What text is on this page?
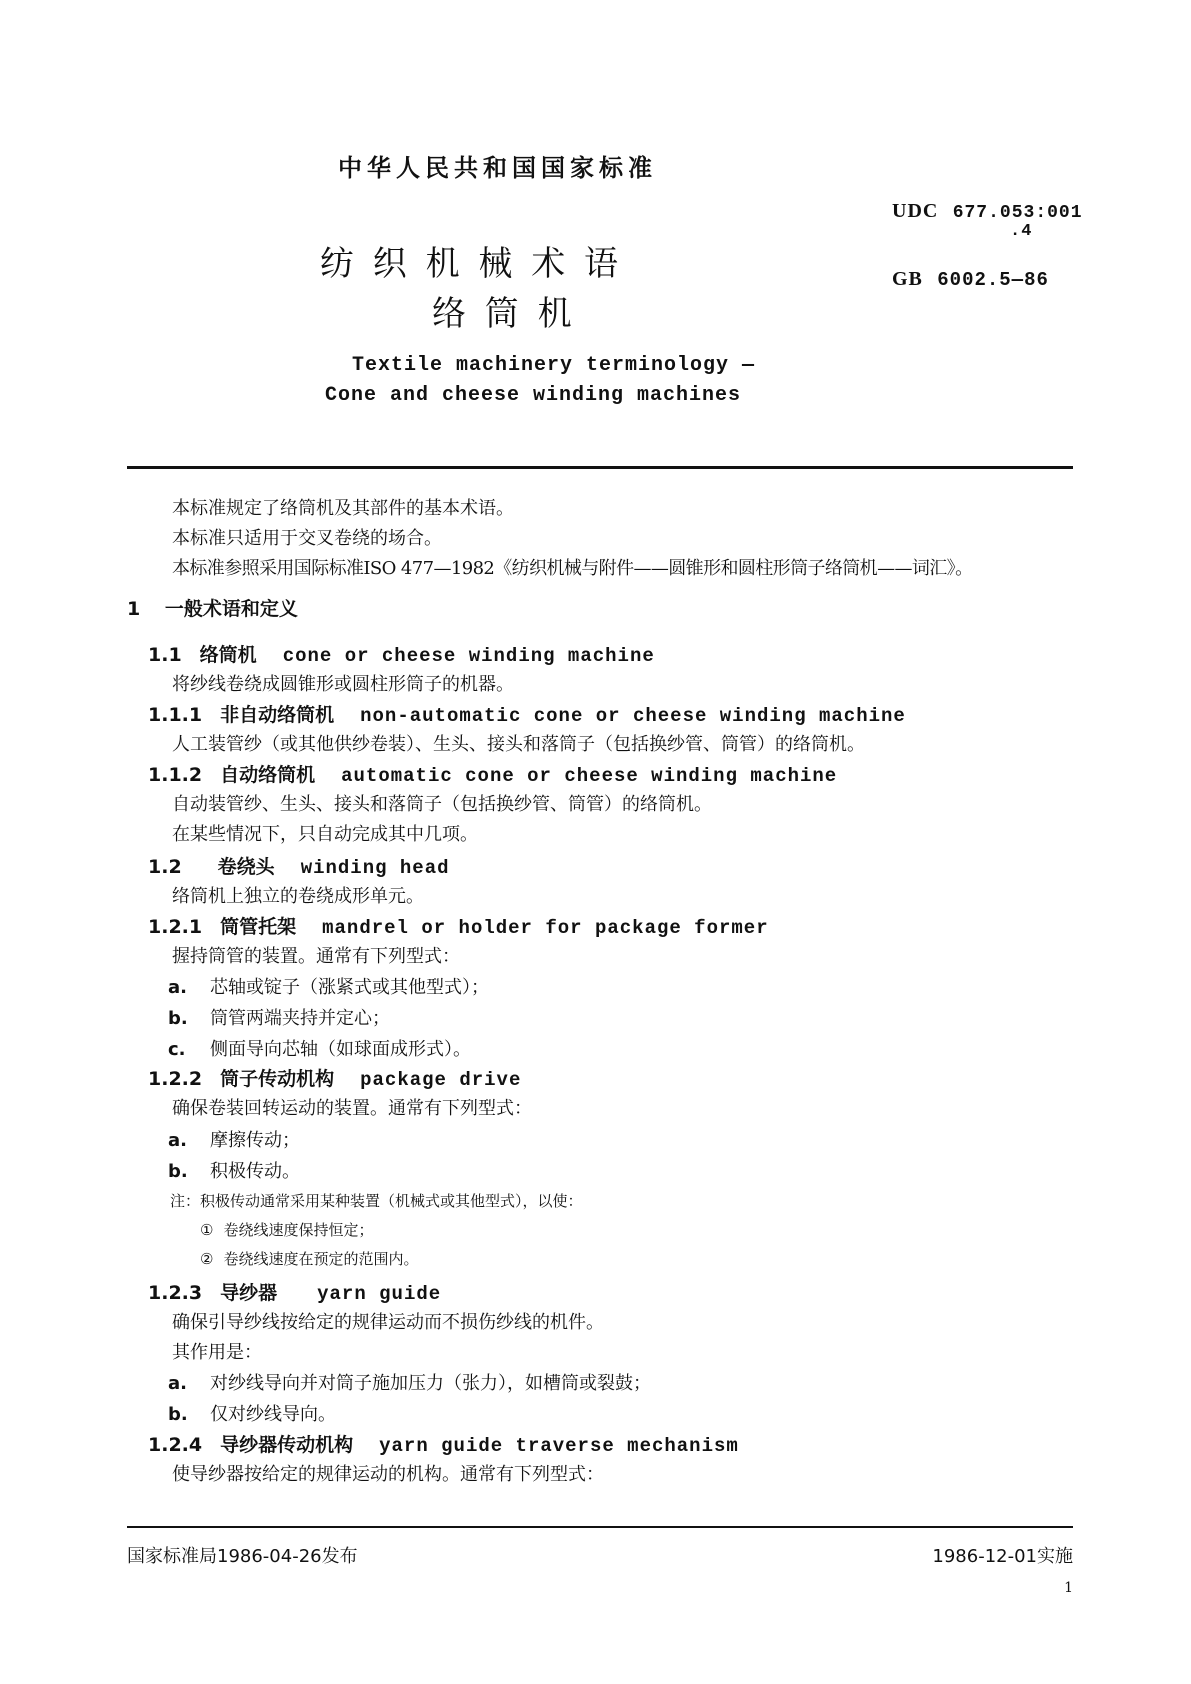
中华人民共和国国家标准
UDC 677.053:001
.4
GB 6002.5—86
纺 织 机 械 术 语
络 筒 机
Textile machinery terminology —
Cone and cheese winding machines
本标准规定了络筒机及其部件的基本术语。
本标准只适用于交叉卷绕的场合。
本标准参照采用国际标准ISO 477—1982《纺织机械与附件——圆锥形和圆柱形筒子络筒机——词汇》。
1 一般术语和定义
1.1 络筒机 cone or cheese winding machine
将纱线卷绕成圆锥形或圆柱形筒子的机器。
1.1.1 非自动络筒机 non-automatic cone or cheese winding machine
人工装管纱（或其他供纱卷装）、生头、接头和落筒子（包括换纱管、筒管）的络筒机。
1.1.2 自动络筒机 automatic cone or cheese winding machine
自动装管纱、生头、接头和落筒子（包括换纱管、筒管）的络筒机。
在某些情况下，只自动完成其中几项。
1.2 卷绕头 winding head
络筒机上独立的卷绕成形单元。
1.2.1 筒管托架 mandrel or holder for package former
握持筒管的装置。通常有下列型式：
a. 芯轴或锭子（涨紧式或其他型式）；
b. 筒管两端夹持并定心；
c. 侧面导向芯轴（如球面成形式）。
1.2.2 筒子传动机构 package drive
确保卷装回转运动的装置。通常有下列型式：
a. 摩擦传动；
b. 积极传动。
注：积极传动通常采用某种装置（机械式或其他型式），以使：
① 卷绕线速度保持恒定；
② 卷绕线速度在预定的范围内。
1.2.3 导纱器 yarn guide
确保引导纱线按给定的规律运动而不损伤纱线的机件。
其作用是：
a. 对纱线导向并对筒子施加压力（张力），如槽筒或裂鼓；
b. 仅对纱线导向。
1.2.4 导纱器传动机构 yarn guide traverse mechanism
使导纱器按给定的规律运动的机构。通常有下列型式：
国家标准局1986-04-26发布	1986-12-01实施
1
